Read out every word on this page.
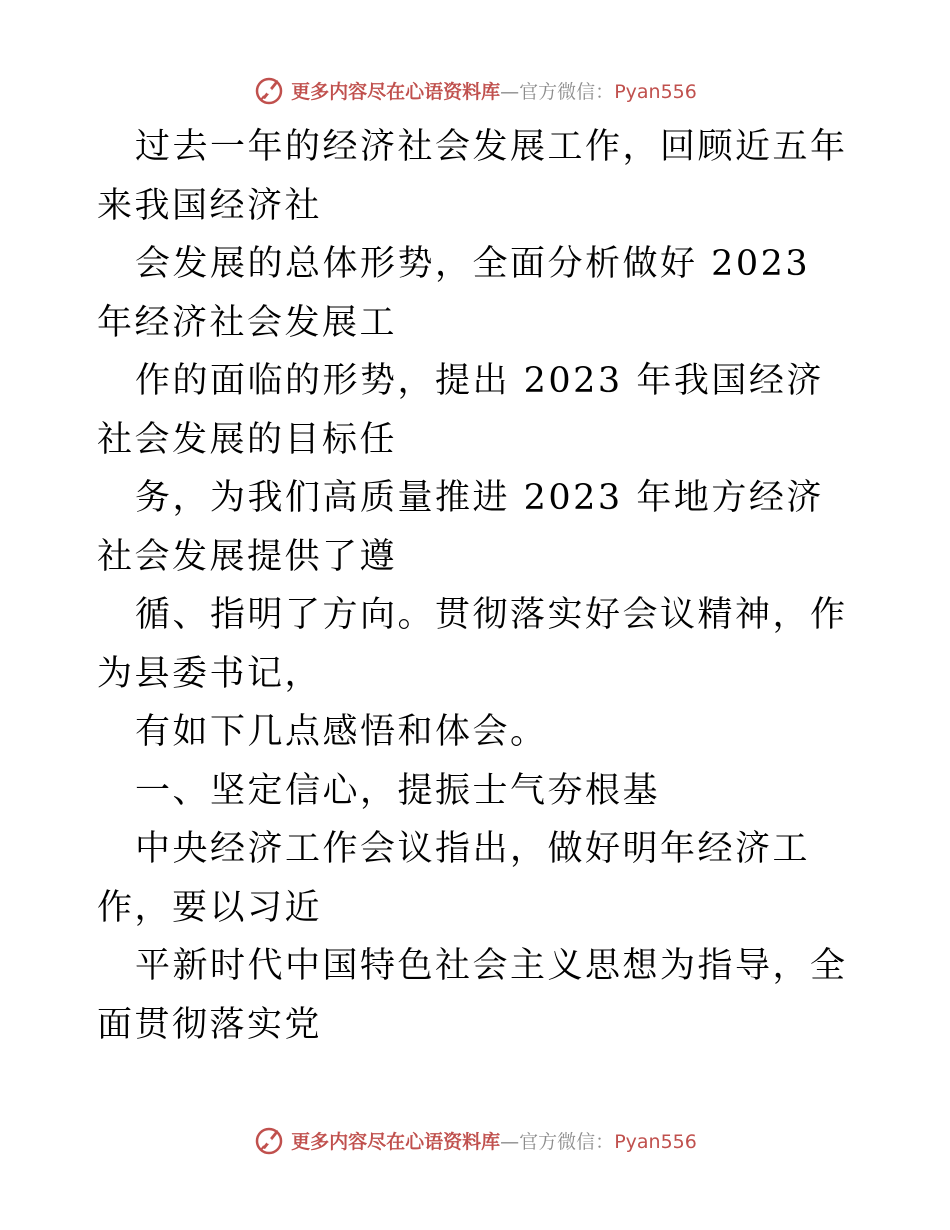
更多内容尽在心语资料库—官方微信：Pyan556

过去一年的经济社会发展工作，回顾近五年来我国经济社

会发展的总体形势，全面分析做好 2023 年经济社会发展工

作的面临的形势，提出 2023 年我国经济社会发展的目标任

务，为我们高质量推进 2023 年地方经济社会发展提供了遵

循、指明了方向。贯彻落实好会议精神，作为县委书记，

有如下几点感悟和体会。

一、坚定信心，提振士气夯根基

中央经济工作会议指出，做好明年经济工作，要以习近

平新时代中国特色社会主义思想为指导，全面贯彻落实党

更多内容尽在心语资料库—官方微信：Pyan556
